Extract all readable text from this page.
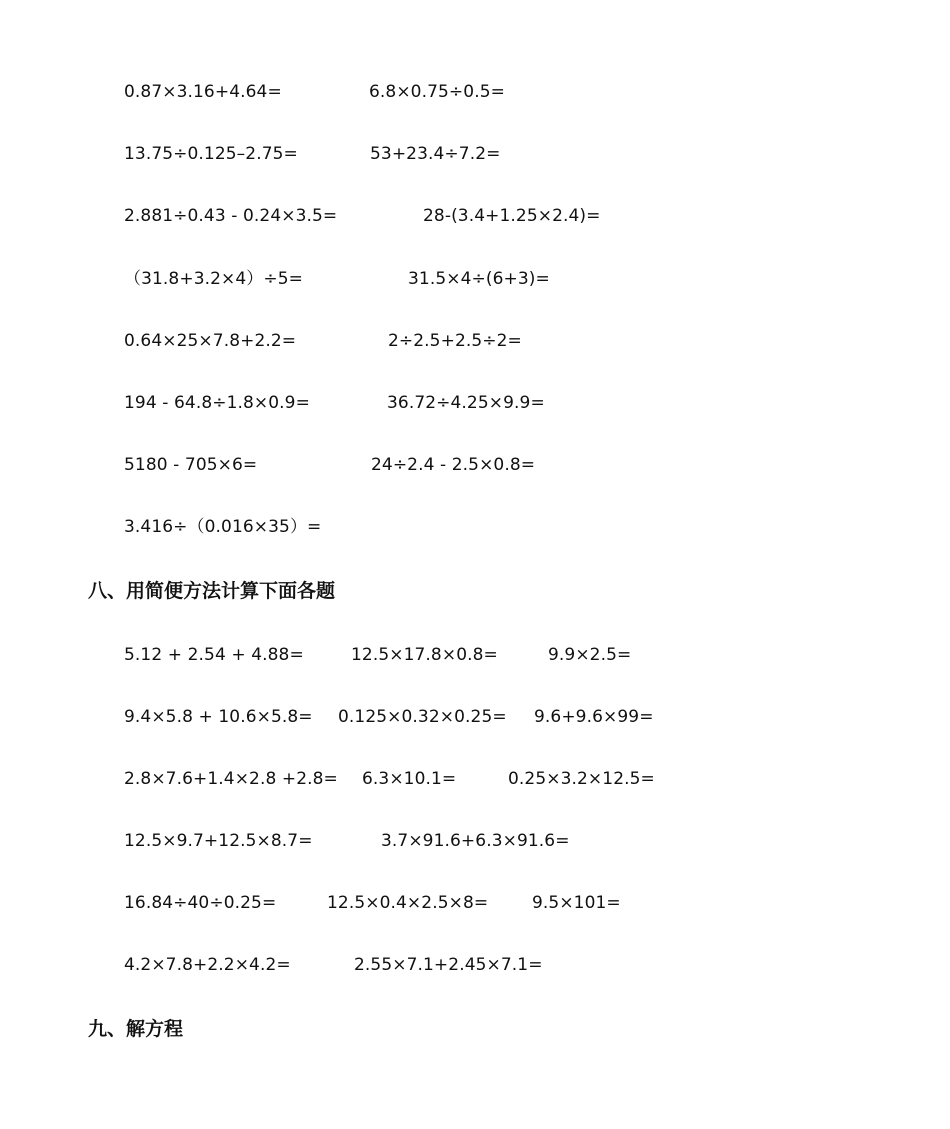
0.87×3.16+4.64=	6.8×0.75÷0.5=
13.75÷0.125–2.75=	53+23.4÷7.2=
2.881÷0.43 - 0.24×3.5=	28-(3.4+1.25×2.4)=
（31.8+3.2×4）÷5=	31.5×4÷(6+3)=
0.64×25×7.8+2.2=	2÷2.5+2.5÷2=
194 - 64.8÷1.8×0.9=	36.72÷4.25×9.9=
5180 - 705×6=	24÷2.4 - 2.5×0.8=
3.416÷（0.016×35）=
八、用简便方法计算下面各题
5.12 + 2.54 + 4.88=	12.5×17.8×0.8=	9.9×2.5=
9.4×5.8 + 10.6×5.8= 0.125×0.32×0.25= 9.6+9.6×99=
2.8×7.6+1.4×2.8 +2.8= 6.3×10.1=	0.25×3.2×12.5=
12.5×9.7+12.5×8.7=	3.7×91.6+6.3×91.6=
16.84÷40÷0.25=	12.5×0.4×2.5×8=	9.5×101=
4.2×7.8+2.2×4.2=	2.55×7.1+2.45×7.1=
九、解方程
